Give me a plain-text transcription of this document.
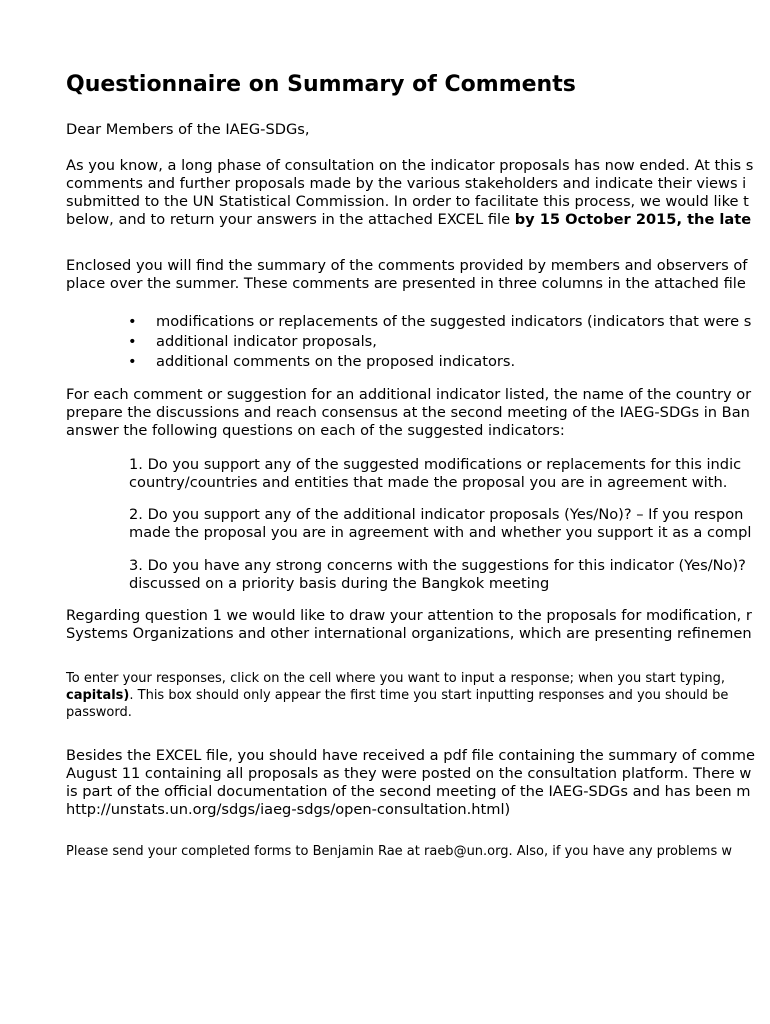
Questionnaire on Summary of Comments
Dear Members of the IAEG-SDGs,
As you know, a long phase of consultation on the indicator proposals has now ended. At this s
comments and further proposals made by the various stakeholders and indicate their views i
submitted to the UN Statistical Commission. In order to facilitate this process, we would like t
below, and to return your answers in the attached EXCEL file by 15 October 2015, the late
Enclosed you will find the summary of the comments provided by members and observers of
place over the summer. These comments are presented in three columns in the attached file
• modifications or replacements of the suggested indicators (indicators that were s
• additional indicator proposals,
• additional comments on the proposed indicators.
For each comment or suggestion for an additional indicator listed, the name of the country or
prepare the discussions and reach consensus at the second meeting of the IAEG-SDGs in Ban
answer the following questions on each of the suggested indicators:
1. Do you support any of the suggested modifications or replacements for this indic
country/countries and entities that made the proposal you are in agreement with.
2. Do you support any of the additional indicator proposals (Yes/No)? – If you respon
made the proposal you are in agreement with and whether you support it as a compl
3. Do you have any strong concerns with the suggestions for this indicator (Yes/No)?
discussed on a priority basis during the Bangkok meeting
Regarding question 1 we would like to draw your attention to the proposals for modification, r
Systems Organizations and other international organizations, which are presenting refinemen
To enter your responses, click on the cell where you want to input a response; when you start typing,
capitals). This box should only appear the first time you start inputting responses and you should be
password.
Besides the EXCEL file, you should have received a pdf file containing the summary of comme
August 11 containing all proposals as they were posted on the consultation platform. There w
is part of the official documentation of the second meeting of the IAEG-SDGs and has been m
http://unstats.un.org/sdgs/iaeg-sdgs/open-consultation.html)
Please send your completed forms to Benjamin Rae at raeb@un.org. Also, if you have any problems w
